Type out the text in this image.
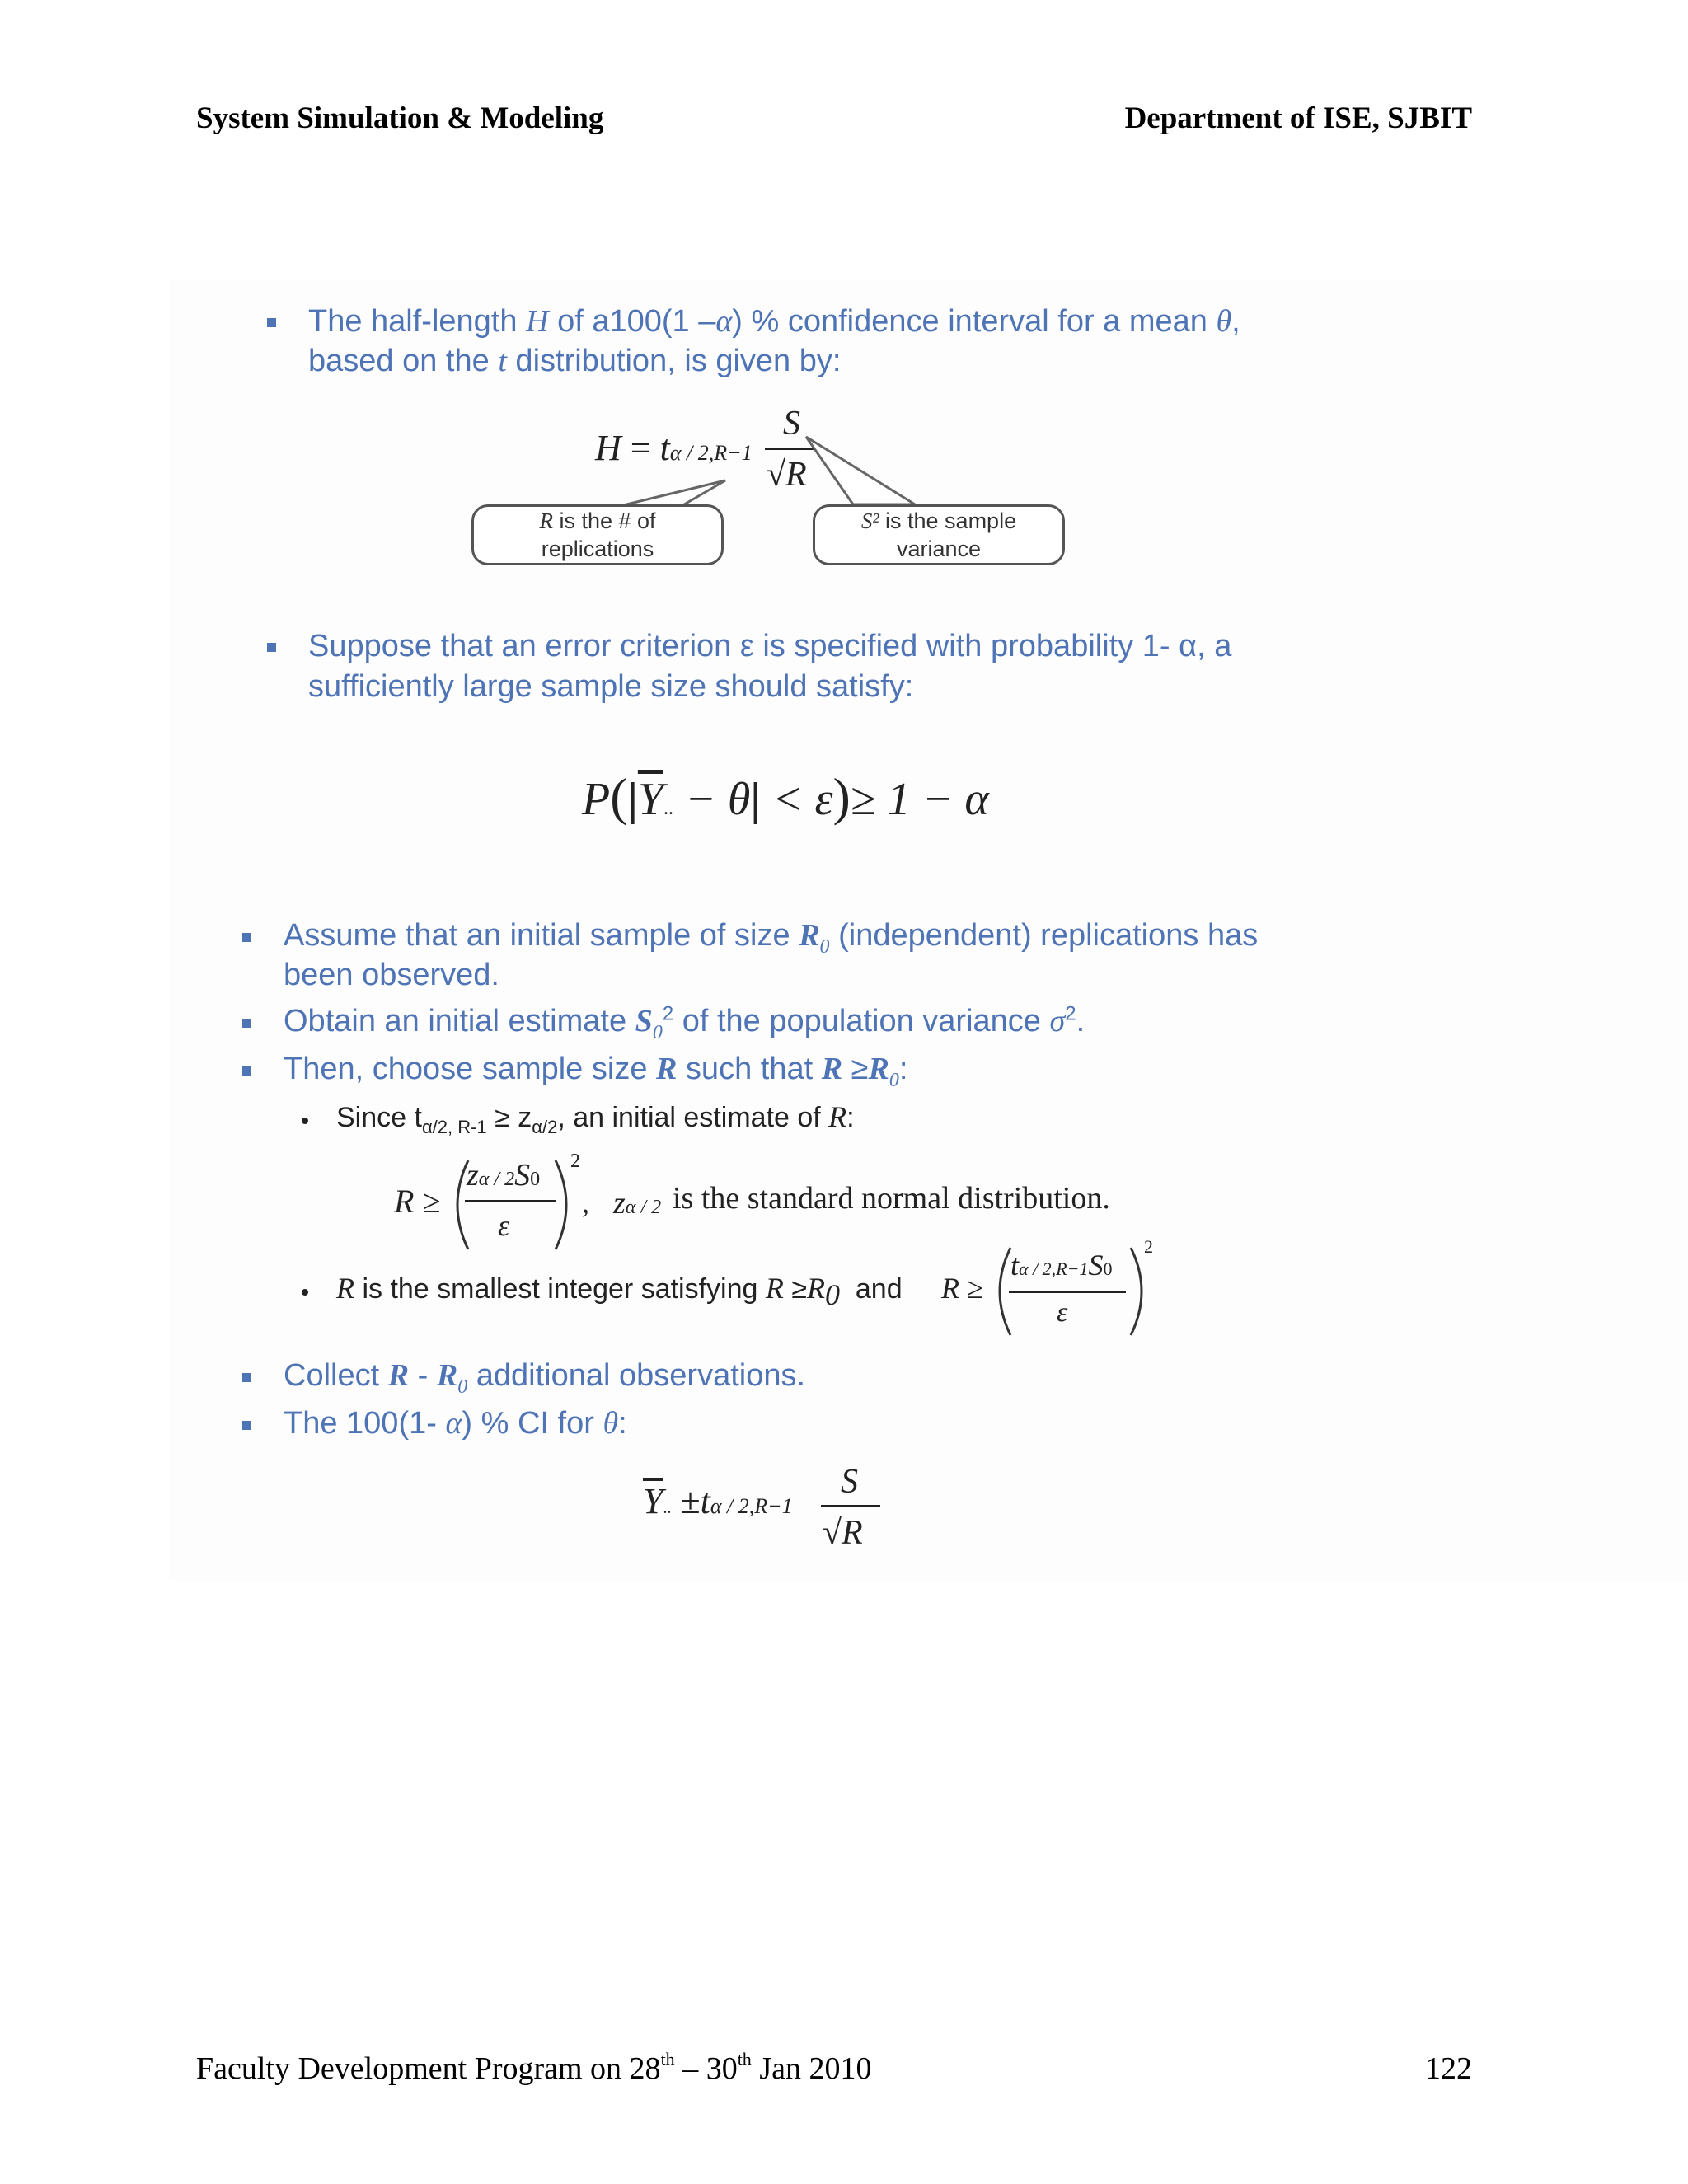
System Simulation & Modeling	Department of ISE, SJBIT
The half-length H of a100(1 –α) % confidence interval for a mean θ,
based on the t distribution, is given by:
H = tα / 2,R−1
S
√R
R is the # of
replications
S² is the sample
variance
Suppose that an error criterion ε is specified with probability 1- α, a
sufficiently large sample size should satisfy:
$P(|\overline{Y}$.. − θ| < ε)≥ 1 − α
Assume that an initial sample of size $R_0$ (independent) replications has
been observed.
Obtain an initial estimate $S_0^2$ of the population variance $\sigma^2$.
Then, choose sample size R such that $R \ge R_0$:
Since $t_{\alpha/2, R-1} \ge z_{\alpha/2}$, an initial estimate of R:
R ≥
zα / 2S0
ε
2
, zα / 2 is the standard normal distribution.
R is the smallest integer satisfying $R \ge R_0$  and R ≥
tα / 2,R−1S0
ε
2
Collect R - $R_0$ additional observations.
The 100(1- α) % CI for θ:
$\overline{Y}$.. ±tα / 2,R−1
S
√R
Faculty Development Program on 28th – 30th Jan 2010	122
